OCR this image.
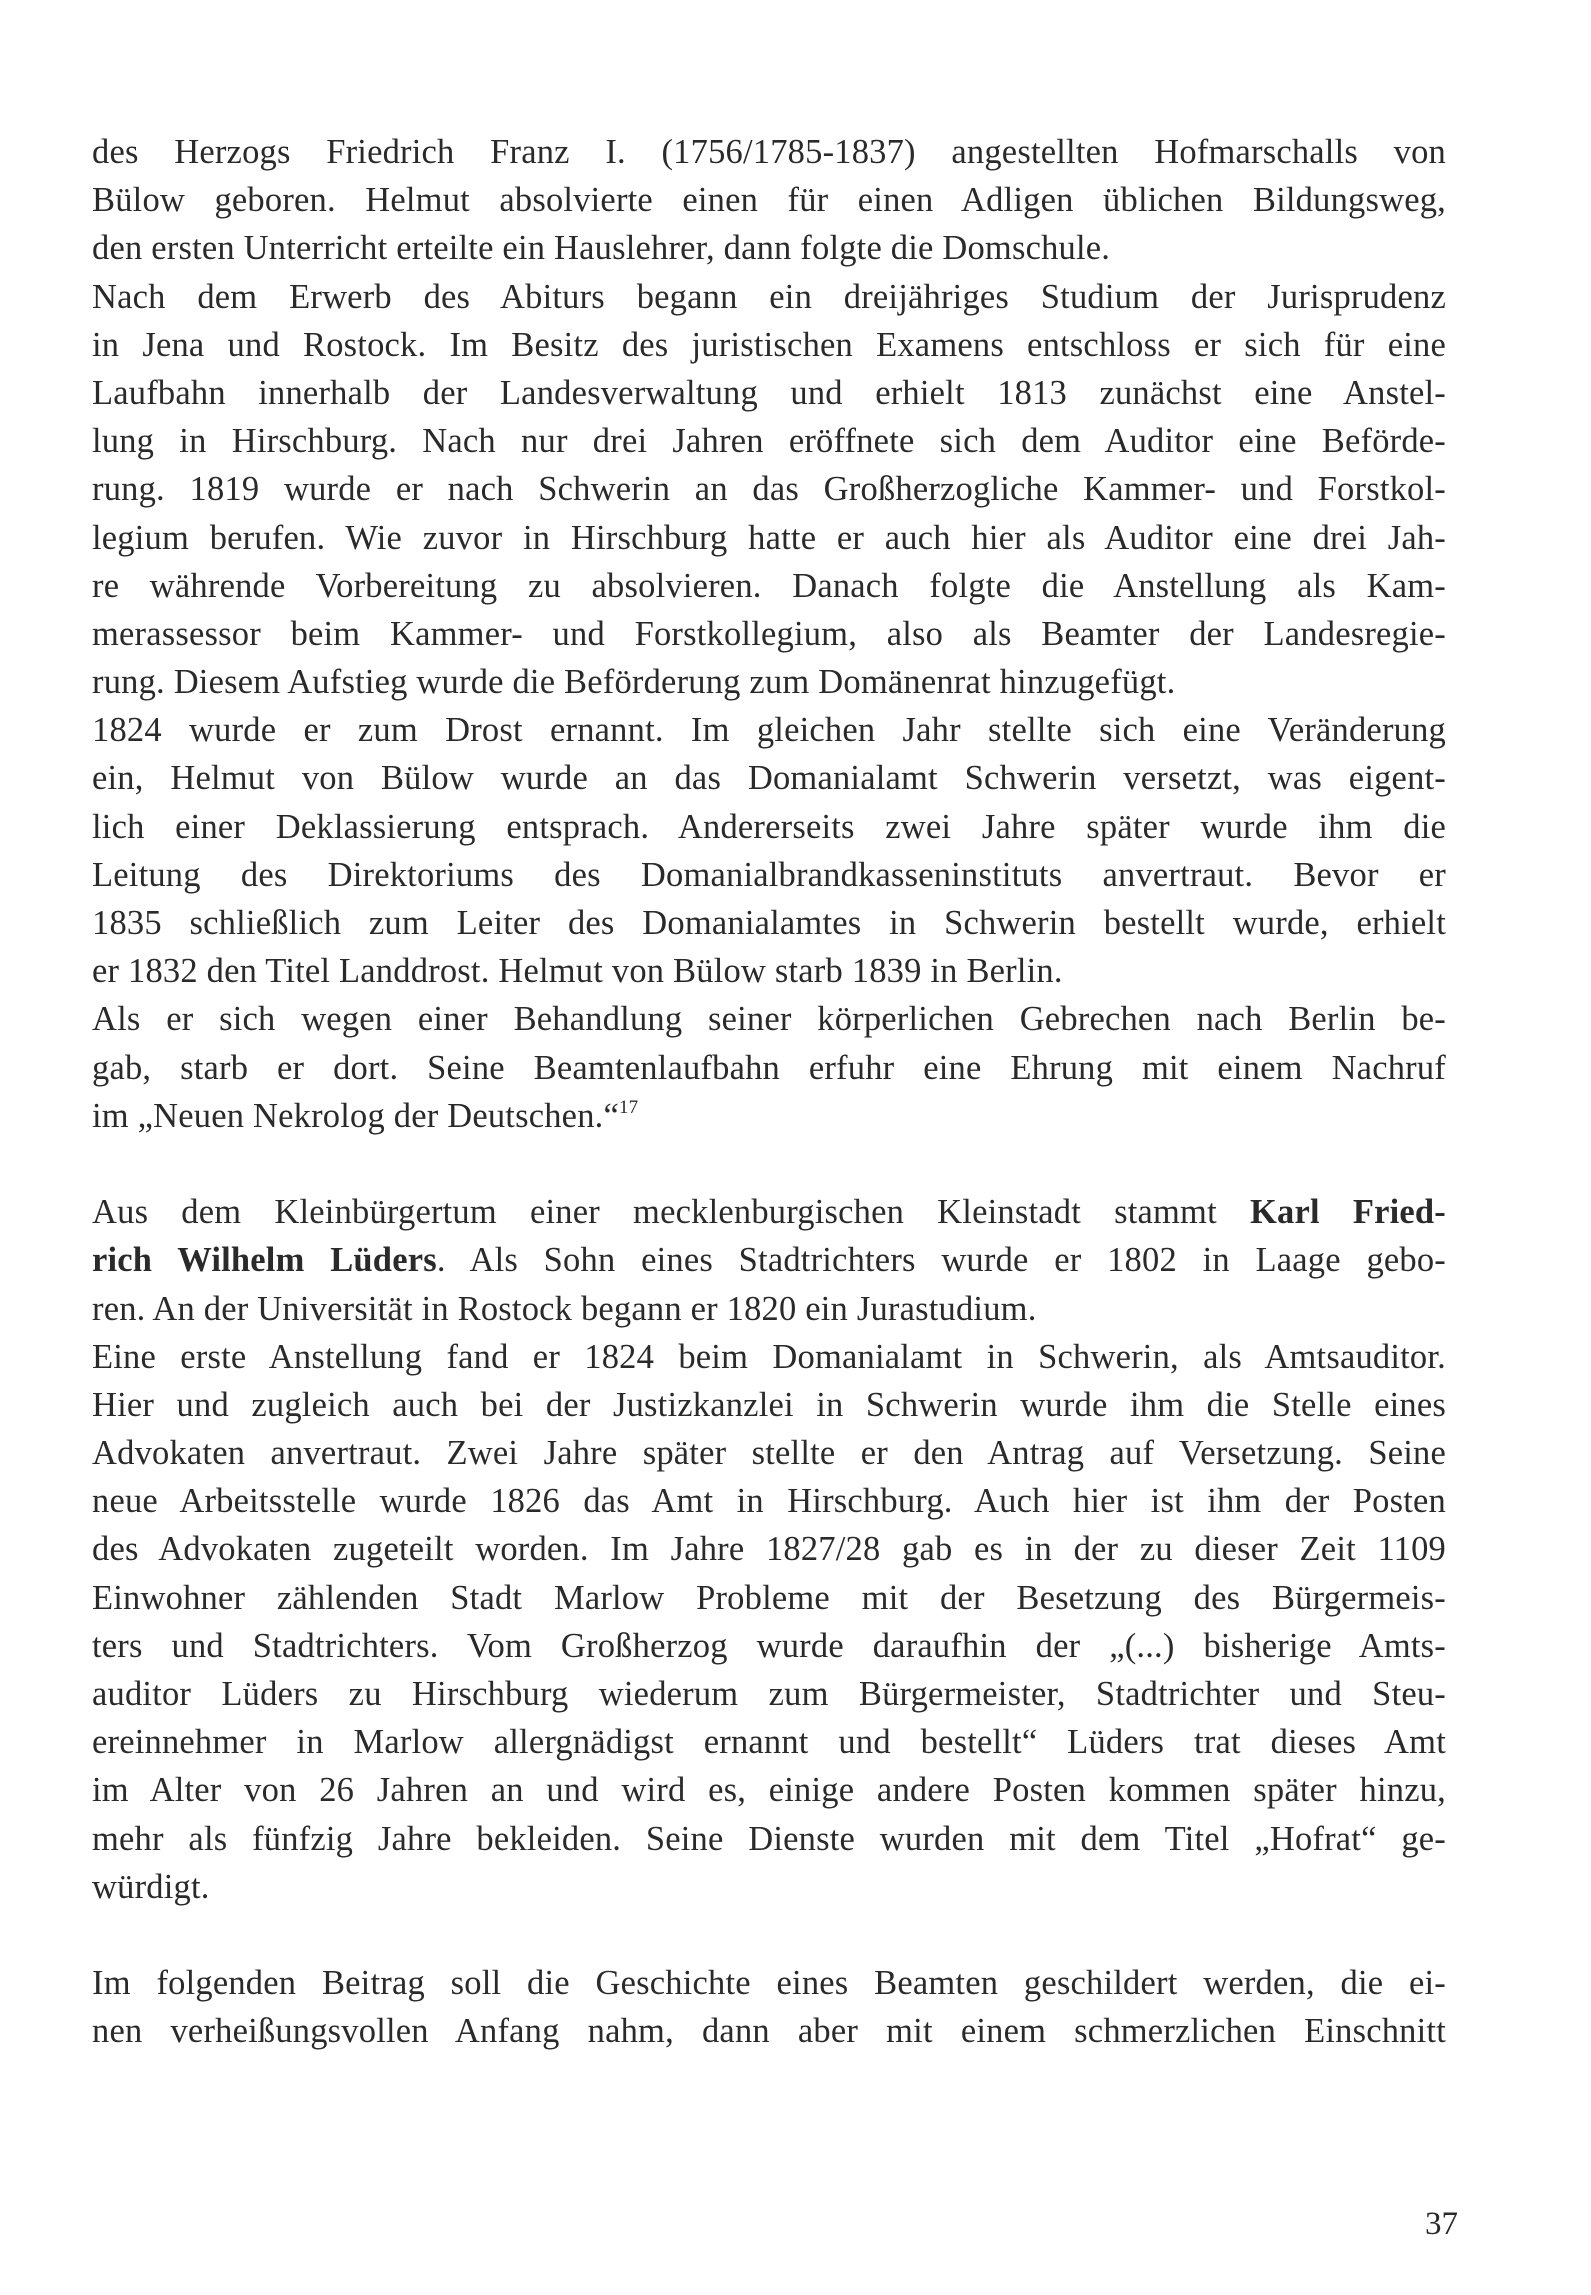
des Herzogs Friedrich Franz I. (1756/1785-1837) angestellten Hofmarschalls von
Bülow geboren. Helmut absolvierte einen für einen Adligen üblichen Bildungsweg,
den ersten Unterricht erteilte ein Hauslehrer, dann folgte die Domschule.
Nach dem Erwerb des Abiturs begann ein dreijähriges Studium der Jurisprudenz
in Jena und Rostock. Im Besitz des juristischen Examens entschloss er sich für eine
Laufbahn innerhalb der Landesverwaltung und erhielt 1813 zunächst eine Anstel-
lung in Hirschburg. Nach nur drei Jahren eröffnete sich dem Auditor eine Beförde-
rung. 1819 wurde er nach Schwerin an das Großherzogliche Kammer- und Forstkol-
legium berufen. Wie zuvor in Hirschburg hatte er auch hier als Auditor eine drei Jah-
re währende Vorbereitung zu absolvieren. Danach folgte die Anstellung als Kam-
merassessor beim Kammer- und Forstkollegium, also als Beamter der Landesregie-
rung. Diesem Aufstieg wurde die Beförderung zum Domänenrat hinzugefügt.
1824 wurde er zum Drost ernannt. Im gleichen Jahr stellte sich eine Veränderung
ein, Helmut von Bülow wurde an das Domanialamt Schwerin versetzt, was eigent-
lich einer Deklassierung entsprach. Andererseits zwei Jahre später wurde ihm die
Leitung des Direktoriums des Domanialbrandkasseninstituts anvertraut. Bevor er
1835 schließlich zum Leiter des Domanialamtes in Schwerin bestellt wurde, erhielt
er 1832 den Titel Landdrost. Helmut von Bülow starb 1839 in Berlin.
Als er sich wegen einer Behandlung seiner körperlichen Gebrechen nach Berlin be-
gab, starb er dort. Seine Beamtenlaufbahn erfuhr eine Ehrung mit einem Nachruf
im „Neuen Nekrolog der Deutschen.“$^{17}$
Aus dem Kleinbürgertum einer mecklenburgischen Kleinstadt stammt Karl Fried-
rich Wilhelm Lüders. Als Sohn eines Stadtrichters wurde er 1802 in Laage gebo-
ren. An der Universität in Rostock begann er 1820 ein Jurastudium.
Eine erste Anstellung fand er 1824 beim Domanialamt in Schwerin, als Amtsauditor.
Hier und zugleich auch bei der Justizkanzlei in Schwerin wurde ihm die Stelle eines
Advokaten anvertraut. Zwei Jahre später stellte er den Antrag auf Versetzung. Seine
neue Arbeitsstelle wurde 1826 das Amt in Hirschburg. Auch hier ist ihm der Posten
des Advokaten zugeteilt worden. Im Jahre 1827/28 gab es in der zu dieser Zeit 1109
Einwohner zählenden Stadt Marlow Probleme mit der Besetzung des Bürgermeis-
ters und Stadtrichters. Vom Großherzog wurde daraufhin der „(...) bisherige Amts-
auditor Lüders zu Hirschburg wiederum zum Bürgermeister, Stadtrichter und Steu-
ereinnehmer in Marlow allergnädigst ernannt und bestellt“ Lüders trat dieses Amt
im Alter von 26 Jahren an und wird es, einige andere Posten kommen später hinzu,
mehr als fünfzig Jahre bekleiden. Seine Dienste wurden mit dem Titel „Hofrat“ ge-
würdigt.
Im folgenden Beitrag soll die Geschichte eines Beamten geschildert werden, die ei-
nen verheißungsvollen Anfang nahm, dann aber mit einem schmerzlichen Einschnitt
37
